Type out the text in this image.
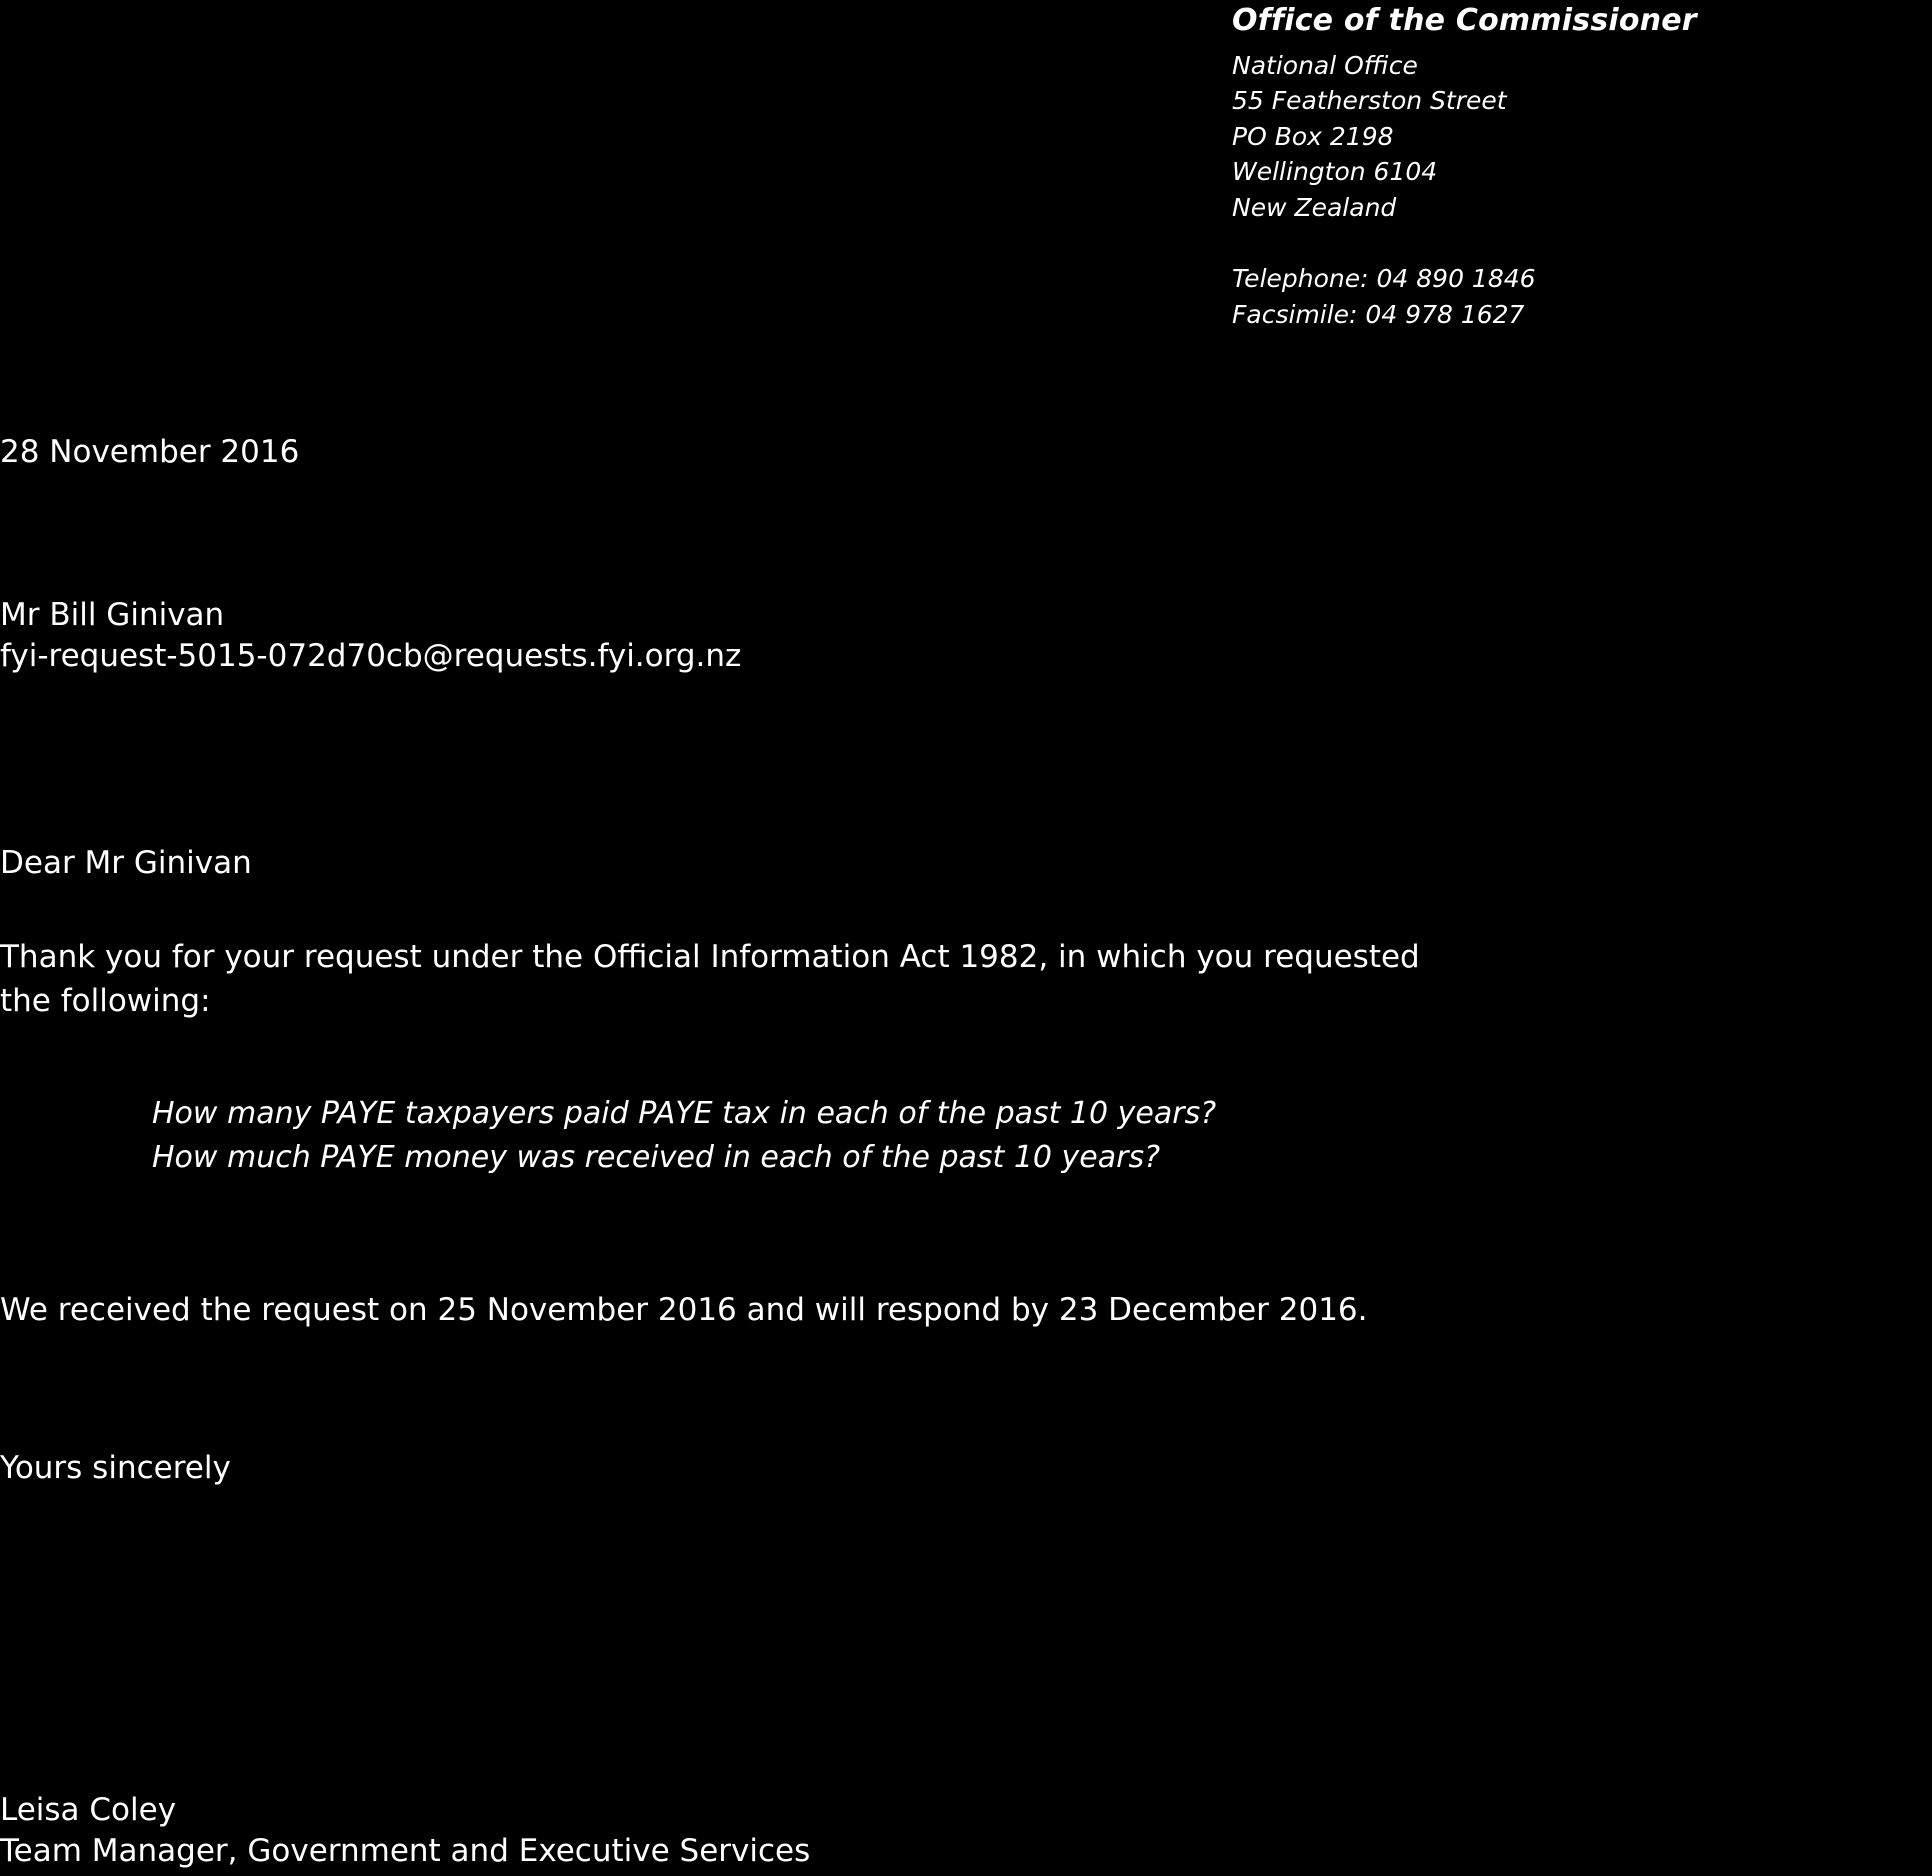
Office of the Commissioner
National Office
55 Featherston Street
PO Box 2198
Wellington 6104
New Zealand
Telephone: 04 890 1846
Facsimile: 04 978 1627
28 November 2016
Mr Bill Ginivan
fyi-request-5015-072d70cb@requests.fyi.org.nz
Dear Mr Ginivan
Thank you for your request under the Official Information Act 1982, in which you requested
the following:
How many PAYE taxpayers paid PAYE tax in each of the past 10 years?
How much PAYE money was received in each of the past 10 years?
We received the request on 25 November 2016 and will respond by 23 December 2016.
Yours sincerely
Leisa Coley
Team Manager, Government and Executive Services
